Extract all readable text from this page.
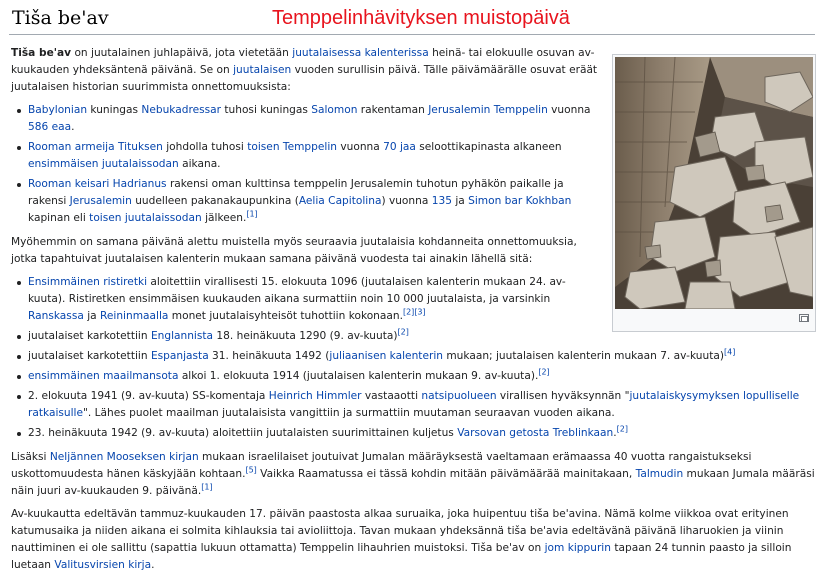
Tiša be'av	Temppelinhävityksen muistopäivä

Tiša be'av on juutalainen juhlapäivä, jota vietetään juutalaisessa kalenterissa heinä- tai elokuulle osuvan av-kuukauden yhdeksäntenä päivänä. Se on juutalaisen vuoden surullisin päivä. Tälle päivämäärälle osuvat eräät juutalaisen historian suurimmista onnettomuuksista:

Babylonian kuningas Nebukadressar tuhosi kuningas Salomon rakentaman Jerusalemin Temppelin vuonna 586 eaa.
Rooman armeija Tituksen johdolla tuhosi toisen Temppelin vuonna 70 jaa seloottikapinasta alkaneen ensimmäisen juutalaissodan aikana.
Rooman keisari Hadrianus rakensi oman kulttinsa temppelin Jerusalemin tuhotun pyhäkön paikalle ja rakensi Jerusalemin uudelleen pakanakaupunkina (Aelia Capitolina) vuonna 135 ja Simon bar Kokhban kapinan eli toisen juutalaissodan jälkeen.[1]

Myöhemmin on samana päivänä alettu muistella myös seuraavia juutalaisia kohdanneita onnettomuuksia, jotka tapahtuivat juutalaisen kalenterin mukaan samana päivänä vuodesta tai ainakin lähellä sitä:

Ensimmäinen ristiretki aloitettiin virallisesti 15. elokuuta 1096 (juutalaisen kalenterin mukaan 24. av-kuuta). Ristiretken ensimmäisen kuukauden aikana surmattiin noin 10 000 juutalaista, ja varsinkin Ranskassa ja Reininmaalla monet juutalaisyhteisöt tuhottiin kokonaan.[2][3]
juutalaiset karkotettiin Englannista 18. heinäkuuta 1290 (9. av-kuuta)[2]
juutalaiset karkotettiin Espanjasta 31. heinäkuuta 1492 (juliaanisen kalenterin mukaan; juutalaisen kalenterin mukaan 7. av-kuuta)[4]
ensimmäinen maailmansota alkoi 1. elokuuta 1914 (juutalaisen kalenterin mukaan 9. av-kuuta).[2]
2. elokuuta 1941 (9. av-kuuta) SS-komentaja Heinrich Himmler vastaaotti natsipuolueen virallisen hyväksynnän "juutalaiskysymyksen lopulliselle ratkaisulle". Lähes puolet maailman juutalaisista vangittiin ja surmattiin muutaman seuraavan vuoden aikana.
23. heinäkuuta 1942 (9. av-kuuta) aloitettiin juutalaisten suurimittainen kuljetus Varsovan getosta Treblinkaan.[2]

Lisäksi Neljännen Mooseksen kirjan mukaan israelilaiset joutuivat Jumalan määräyksestä vaeltamaan erämaassa 40 vuotta rangaistukseksi uskottomuudesta hänen käskyjään kohtaan.[5] Vaikka Raamatussa ei tässä kohdin mitään päivämäärää mainitakaan, Talmudin mukaan Jumala määräsi näin juuri av-kuukauden 9. päivänä.[1]

Av-kuukautta edeltävän tammuz-kuukauden 17. päivän paastosta alkaa suruaika, joka huipentuu tiša be'avina. Nämä kolme viikkoa ovat erityinen katumusaika ja niiden aikana ei solmita kihlauksia tai avioliittoja. Tavan mukaan yhdeksännä tiša be'avia edeltävänä päivänä liharuokien ja viinin nauttiminen ei ole sallittu (sapattia lukuun ottamatta) Temppelin lihauhrien muistoksi. Tiša be'av on jom kippurin tapaan 24 tunnin paasto ja silloin luetaan Valitusvirsien kirja.
